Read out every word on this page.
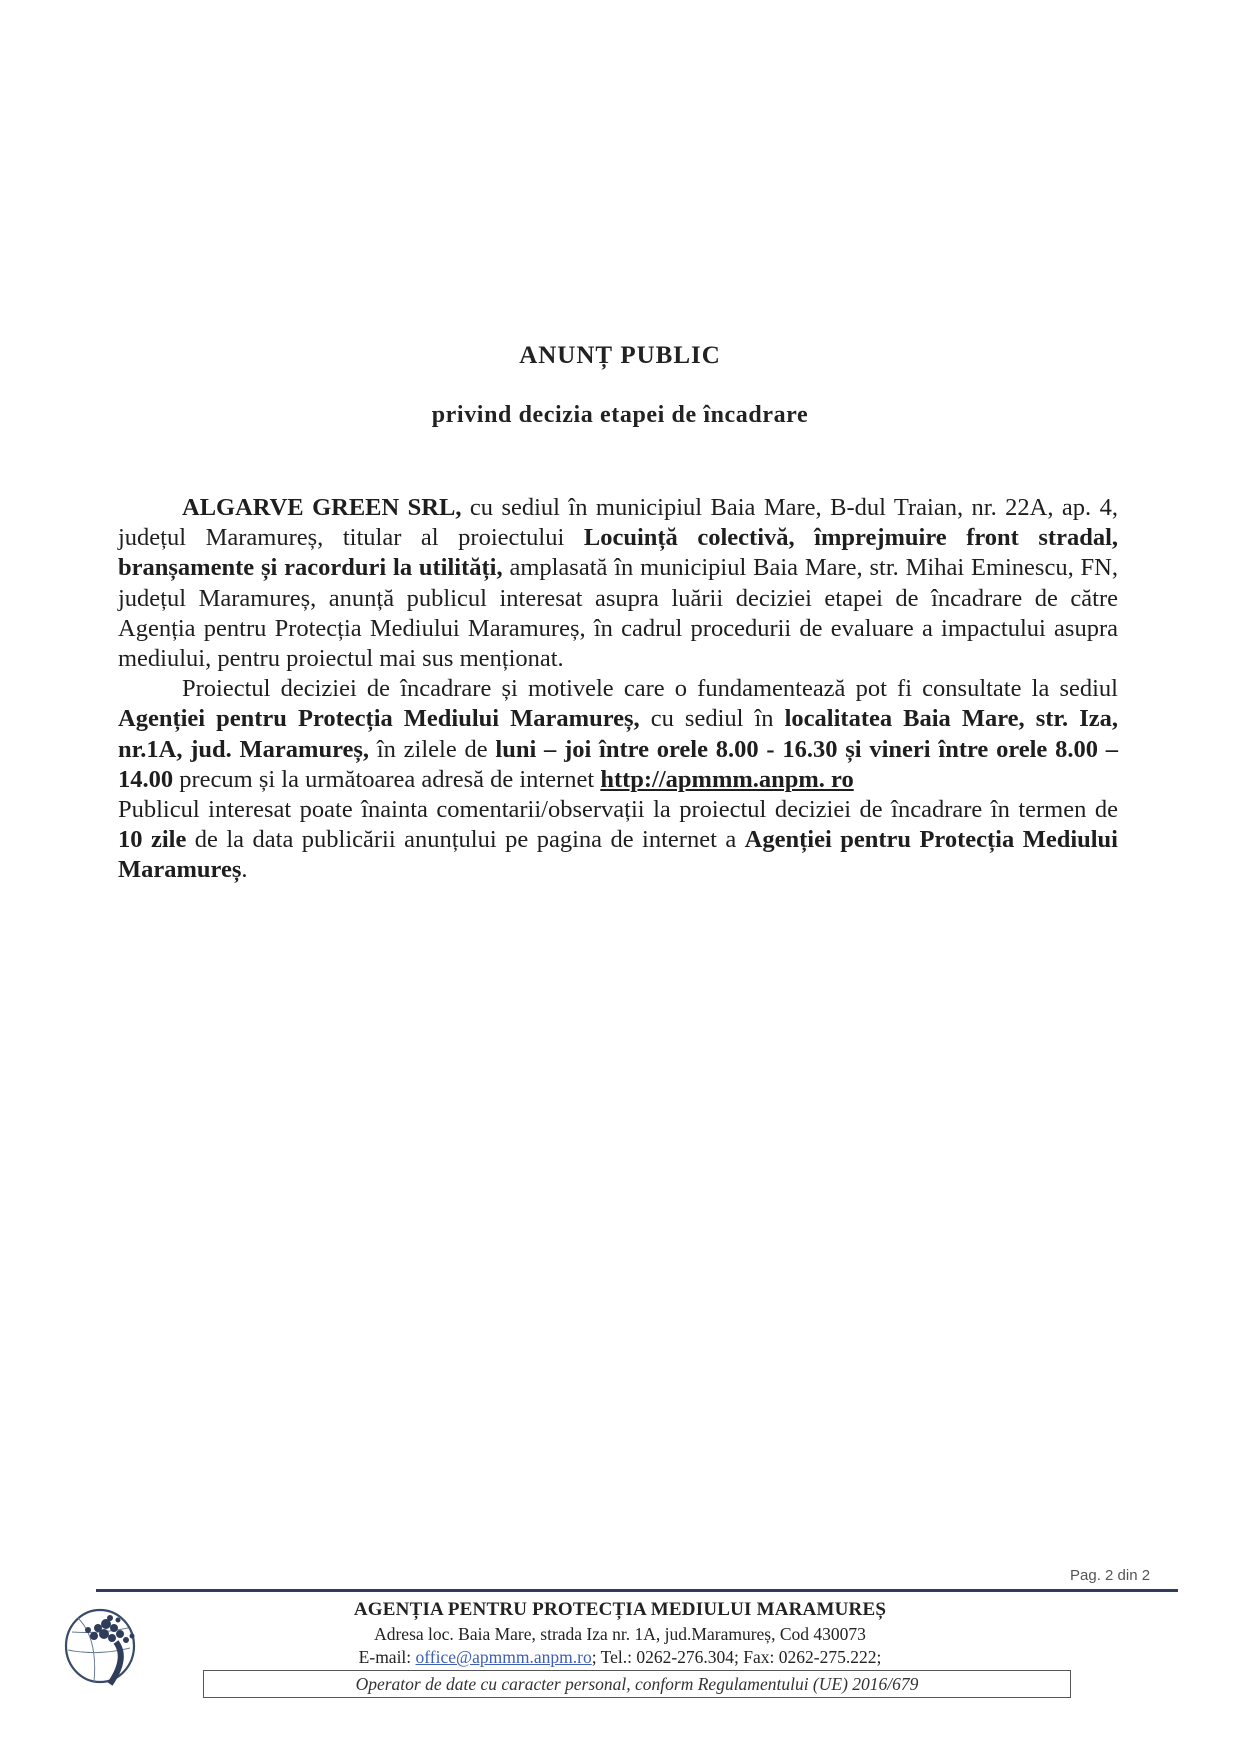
ANUNȚ PUBLIC
privind decizia etapei de încadrare

ALGARVE GREEN SRL, cu sediul în municipiul Baia Mare, B-dul Traian, nr. 22A, ap. 4, județul Maramureș, titular al proiectului Locuință colectivă, împrejmuire front stradal, branșamente și racorduri la utilități, amplasată în municipiul Baia Mare, str. Mihai Eminescu, FN, județul Maramureș, anunță publicul interesat asupra luării deciziei etapei de încadrare de către Agenția pentru Protecția Mediului Maramureș, în cadrul procedurii de evaluare a impactului asupra mediului, pentru proiectul mai sus menționat.

Proiectul deciziei de încadrare și motivele care o fundamentează pot fi consultate la sediul Agenției pentru Protecția Mediului Maramureș, cu sediul în localitatea Baia Mare, str. Iza, nr.1A, jud. Maramureș, în zilele de luni – joi între orele 8.00 - 16.30 și vineri între orele 8.00 – 14.00 precum și la următoarea adresă de internet http://apmmm.anpm. ro

Publicul interesat poate înainta comentarii/observații la proiectul deciziei de încadrare în termen de 10 zile de la data publicării anunțului pe pagina de internet a Agenției pentru Protecția Mediului Maramureș.

Pag. 2 din 2
AGENȚIA PENTRU PROTECȚIA MEDIULUI MARAMUREȘ
Adresa loc. Baia Mare, strada Iza nr. 1A, jud.Maramureș, Cod 430073
E-mail: office@apmmm.anpm.ro; Tel.: 0262-276.304; Fax: 0262-275.222;
Operator de date cu caracter personal, conform Regulamentului (UE) 2016/679
